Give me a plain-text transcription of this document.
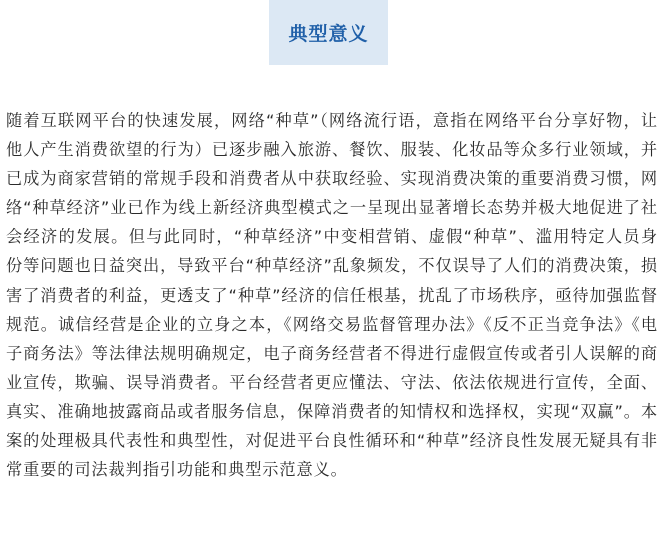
典型意义

随着互联网平台的快速发展，网络“种草”（网络流行语，意指在网络平台分享好物，让他人产生消费欲望的行为）已逐步融入旅游、餐饮、服装、化妆品等众多行业领域，并已成为商家营销的常规手段和消费者从中获取经验、实现消费决策的重要消费习惯，网络“种草经济”业已作为线上新经济典型模式之一呈现出显著增长态势并极大地促进了社会经济的发展。但与此同时，“种草经济”中变相营销、虚假“种草”、滥用特定人员身份等问题也日益突出，导致平台“种草经济”乱象频发，不仅误导了人们的消费决策，损害了消费者的利益，更透支了“种草”经济的信任根基，扰乱了市场秩序，亟待加强监督规范。诚信经营是企业的立身之本，《网络交易监督管理办法》《反不正当竞争法》《电子商务法》等法律法规明确规定，电子商务经营者不得进行虚假宣传或者引人误解的商业宣传，欺骗、误导消费者。平台经营者更应懂法、守法、依法依规进行宣传，全面、真实、准确地披露商品或者服务信息，保障消费者的知情权和选择权，实现“双赢”。本案的处理极具代表性和典型性，对促进平台良性循环和“种草”经济良性发展无疑具有非常重要的司法裁判指引功能和典型示范意义。
